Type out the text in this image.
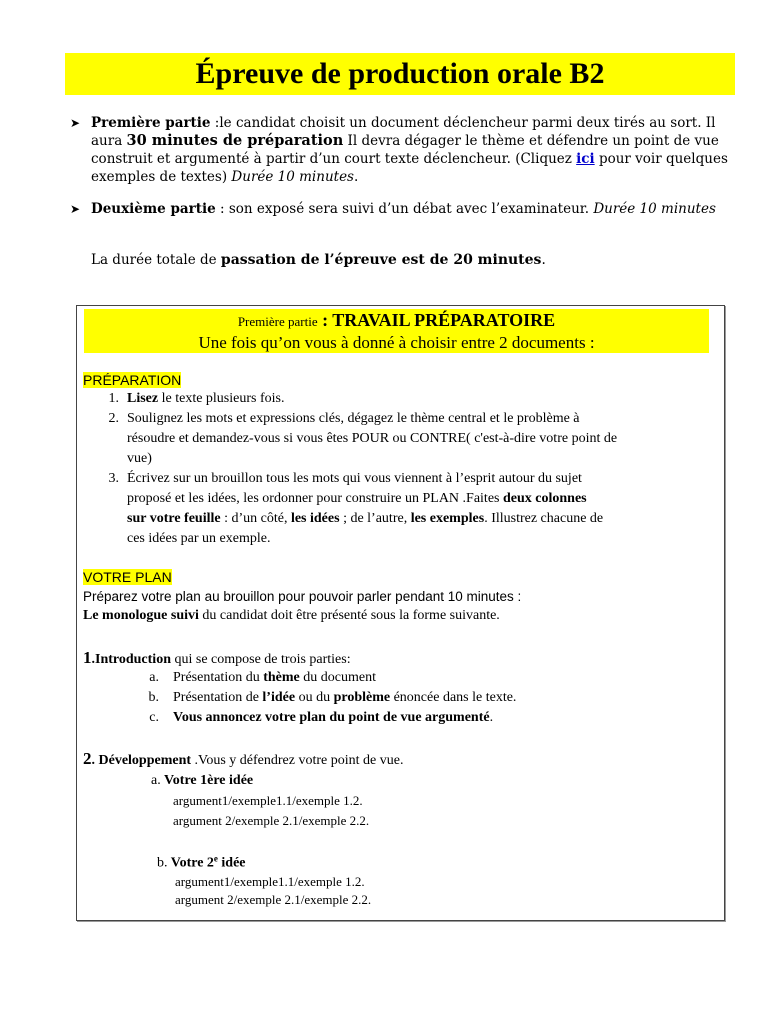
Épreuve de production orale B2
➤ Première partie :le candidat choisit un document déclencheur parmi deux tirés au sort. Il aura 30 minutes de préparation Il devra dégager le thème et défendre un point de vue construit et argumenté à partir d’un court texte déclencheur. (Cliquez ici pour voir quelques exemples de textes) Durée 10 minutes.
➤ Deuxième partie : son exposé sera suivi d’un débat avec l’examinateur. Durée 10 minutes
La durée totale de passation de l’épreuve est de 20 minutes.
Première partie : TRAVAIL PRÉPARATOIRE
Une fois qu’on vous à donné à choisir entre 2 documents :
PRÉPARATION
1. Lisez le texte plusieurs fois.
2. Soulignez les mots et expressions clés, dégagez le thème central et le problème à
résoudre et demandez-vous si vous êtes POUR ou CONTRE( c'est-à-dire votre point de
vue)
3. Écrivez sur un brouillon tous les mots qui vous viennent à l’esprit autour du sujet
proposé et les idées, les ordonner pour construire un PLAN .Faites deux colonnes
sur votre feuille : d’un côté, les idées ; de l’autre, les exemples. Illustrez chacune de
ces idées par un exemple.
VOTRE PLAN
Préparez votre plan au brouillon pour pouvoir parler pendant 10 minutes :
Le monologue suivi du candidat doit être présenté sous la forme suivante.
1.Introduction qui se compose de trois parties:
a. Présentation du thème du document
b. Présentation de l’idée ou du problème énoncée dans le texte.
c. Vous annoncez votre plan du point de vue argumenté.
2. Développement .Vous y défendrez votre point de vue.
a. Votre 1ère idée
argument1/exemple1.1/exemple 1.2.
argument 2/exemple 2.1/exemple 2.2.
b. Votre 2e idée
argument1/exemple1.1/exemple 1.2.
argument 2/exemple 2.1/exemple 2.2.
